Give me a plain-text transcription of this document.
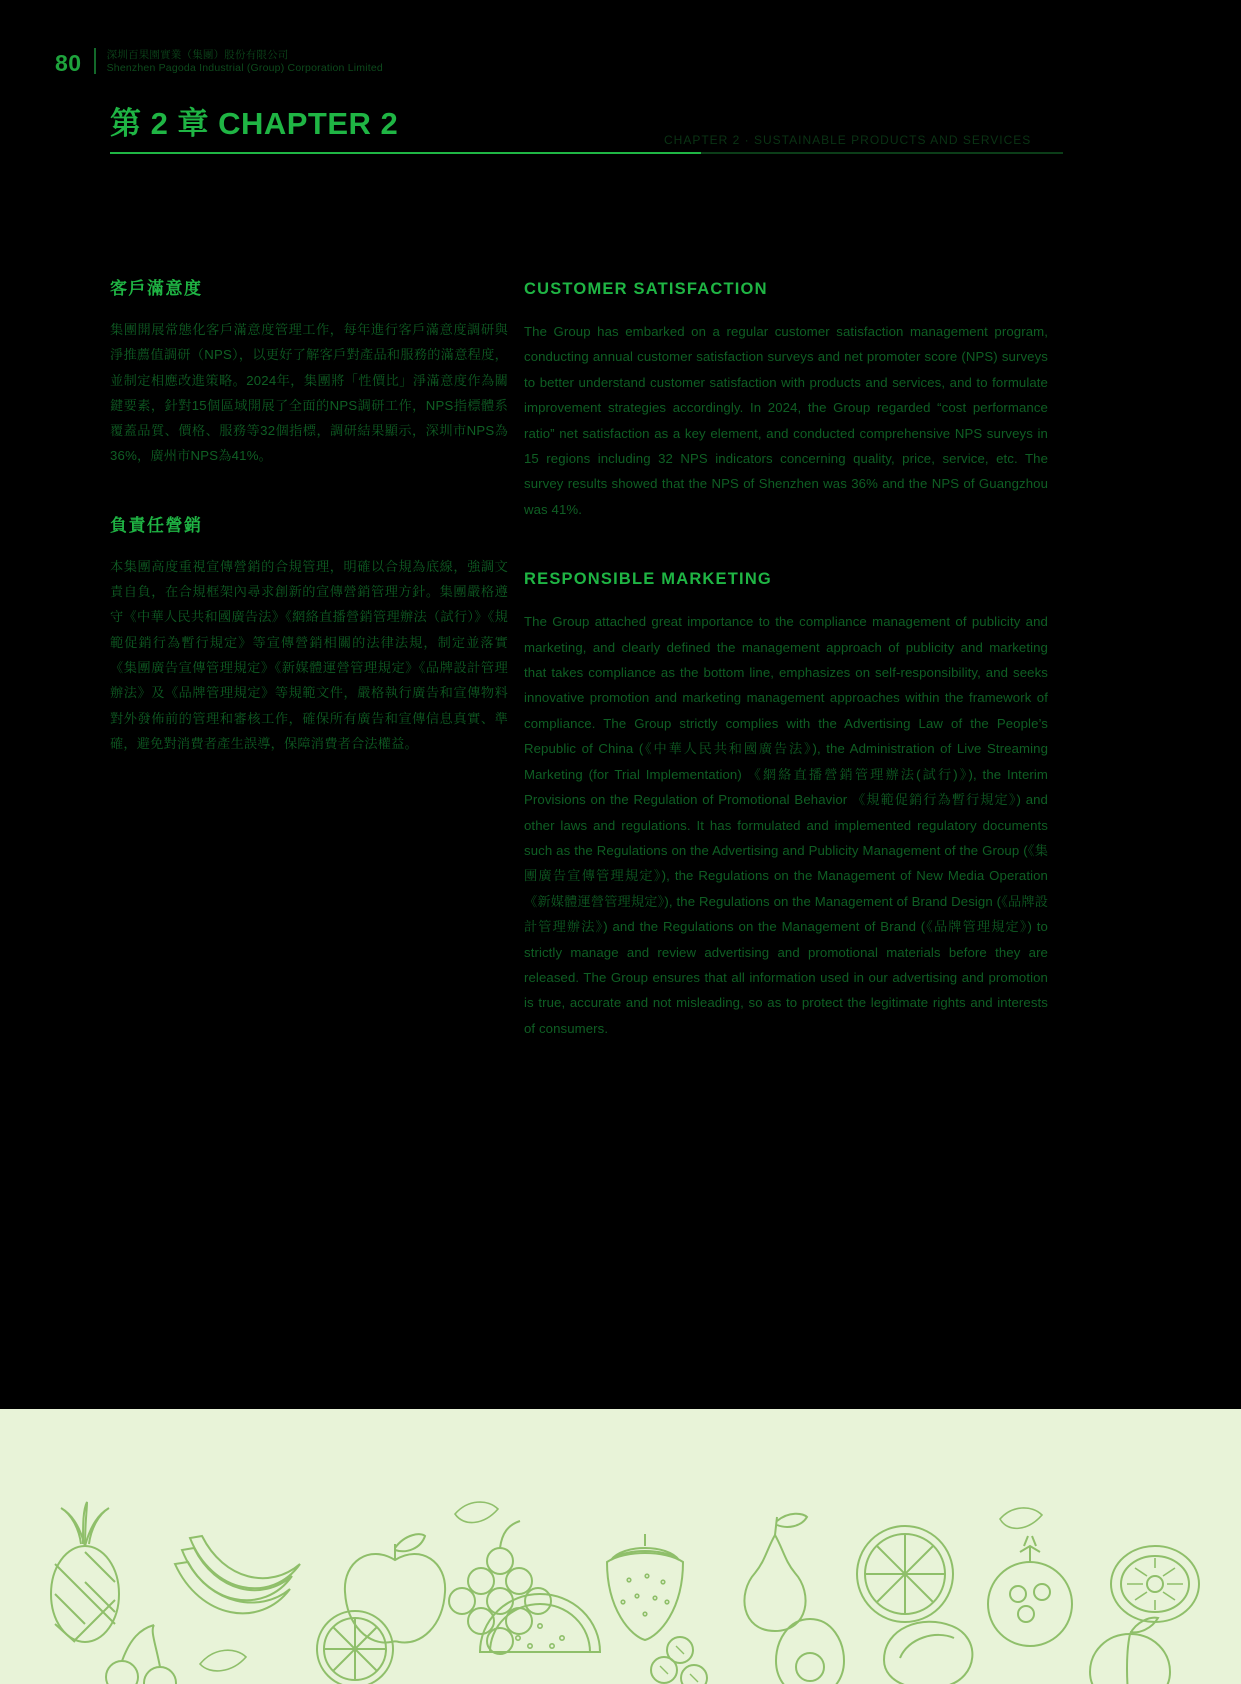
80 深圳百果園實業（集團）股份有限公司
Shenzhen Pagoda Industrial (Group) Corporation Limited
第 2 章 CHAPTER 2	CHAPTER 2 · SUSTAINABLE PRODUCTS AND SERVICES
客戶滿意度

集團開展常態化客戶滿意度管理工作，每年進行客戶滿意度調研與淨推薦值調研（NPS），以更好了解客戶對產品和服務的滿意程度，並制定相應改進策略。2024年，集團將「性價比」淨滿意度作為關鍵要素，針對15個區域開展了全面的NPS調研工作，NPS指標體系覆蓋品質、價格、服務等32個指標，調研結果顯示，深圳市NPS為36%，廣州市NPS為41%。

負責任營銷

本集團高度重視宣傳營銷的合規管理，明確以合規為底線，強調文責自負，在合規框架內尋求創新的宣傳營銷管理方針。集團嚴格遵守《中華人民共和國廣告法》《網絡直播營銷管理辦法（試行）》《規範促銷行為暫行規定》等宣傳營銷相關的法律法規，制定並落實《集團廣告宣傳管理規定》《新媒體運營管理規定》《品牌設計管理辦法》及《品牌管理規定》等規範文件，嚴格執行廣告和宣傳物料對外發佈前的管理和審核工作，確保所有廣告和宣傳信息真實、準確，避免對消費者產生誤導，保障消費者合法權益。

CUSTOMER SATISFACTION

The Group has embarked on a regular customer satisfaction management program, conducting annual customer satisfaction surveys and net promoter score (NPS) surveys to better understand customer satisfaction with products and services, and to formulate improvement strategies accordingly. In 2024, the Group regarded “cost performance ratio” net satisfaction as a key element, and conducted comprehensive NPS surveys in 15 regions including 32 NPS indicators concerning quality, price, service, etc. The survey results showed that the NPS of Shenzhen was 36% and the NPS of Guangzhou was 41%.

RESPONSIBLE MARKETING

The Group attached great importance to the compliance management of publicity and marketing, and clearly defined the management approach of publicity and marketing that takes compliance as the bottom line, emphasizes on self-responsibility, and seeks innovative promotion and marketing management approaches within the framework of compliance. The Group strictly complies with the Advertising Law of the People’s Republic of China (《中華人民共和國廣告法》), the Administration of Live Streaming Marketing (for Trial Implementation) 《網絡直播營銷管理辦法(試行)》), the Interim Provisions on the Regulation of Promotional Behavior 《規範促銷行為暫行規定》) and other laws and regulations. It has formulated and implemented regulatory documents such as the Regulations on the Advertising and Publicity Management of the Group (《集團廣告宣傳管理規定》), the Regulations on the Management of New Media Operation 《新媒體運營管理規定》), the Regulations on the Management of Brand Design (《品牌設計管理辦法》) and the Regulations on the Management of Brand (《品牌管理規定》) to strictly manage and review advertising and promotional materials before they are released. The Group ensures that all information used in our advertising and promotion is true, accurate and not misleading, so as to protect the legitimate rights and interests of consumers.
